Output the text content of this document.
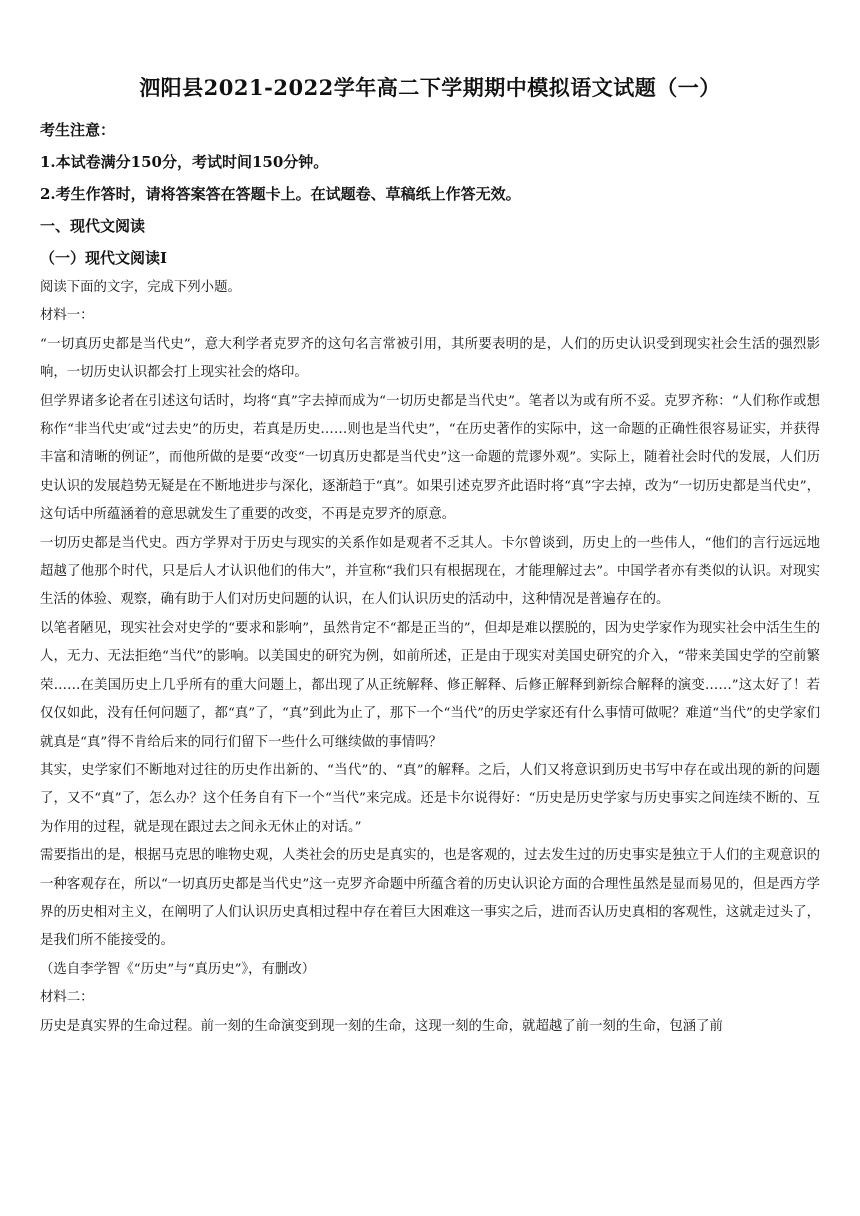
泗阳县2021-2022学年高二下学期期中模拟语文试题（一）
考生注意：
1.本试卷满分150分，考试时间150分钟。
2.考生作答时，请将答案答在答题卡上。在试题卷、草稿纸上作答无效。
一、现代文阅读
（一）现代文阅读Ⅰ

阅读下面的文字，完成下列小题。

材料一：

“一切真历史都是当代史”，意大利学者克罗齐的这句名言常被引用，其所要表明的是，人们的历史认识受到现实社会生活的强烈影响，一切历史认识都会打上现实社会的烙印。

但学界诸多论者在引述这句话时，均将“真”字去掉而成为“一切历史都是当代史”。笔者以为或有所不妥。克罗齐称：“人们称作或想称作“非当代史′或“过去史”的历史，若真是历史……则也是当代史”，“在历史著作的实际中，这一命题的正确性很容易证实，并获得丰富和清晰的例证”，而他所做的是要“改变“一切真历史都是当代史”这一命题的荒谬外观”。实际上，随着社会时代的发展，人们历史认识的发展趋势无疑是在不断地进步与深化，逐渐趋于“真”。如果引述克罗齐此语时将“真”字去掉，改为“一切历史都是当代史”，这句话中所蕴涵着的意思就发生了重要的改变，不再是克罗齐的原意。

一切历史都是当代史。西方学界对于历史与现实的关系作如是观者不乏其人。卡尔曾谈到，历史上的一些伟人，“他们的言行远远地超越了他那个时代，只是后人才认识他们的伟大”，并宣称“我们只有根据现在，才能理解过去”。中国学者亦有类似的认识。对现实生活的体验、观察，确有助于人们对历史问题的认识，在人们认识历史的活动中，这种情况是普遍存在的。

以笔者陋见，现实社会对史学的“要求和影响”，虽然肯定不“都是正当的”，但却是难以摆脱的，因为史学家作为现实社会中活生生的人，无力、无法拒绝“当代”的影响。以美国史的研究为例，如前所述，正是由于现实对美国史研究的介入，“带来美国史学的空前繁荣……在美国历史上几乎所有的重大问题上，都出现了从正统解释、修正解释、后修正解释到新综合解释的演变……”这太好了！若仅仅如此，没有任何问题了，都“真”了，“真”到此为止了，那下一个“当代”的历史学家还有什么事情可做呢？难道“当代”的史学家们就真是“真”得不肯给后来的同行们留下一些什么可继续做的事情吗？

其实，史学家们不断地对过往的历史作出新的、“当代”的、“真”的解释。之后，人们又将意识到历史书写中存在或出现的新的问题了，又不“真”了，怎么办？这个任务自有下一个“当代”来完成。还是卡尔说得好：“历史是历史学家与历史事实之间连续不断的、互为作用的过程，就是现在跟过去之间永无休止的对话。”

需要指出的是，根据马克思的唯物史观，人类社会的历史是真实的，也是客观的，过去发生过的历史事实是独立于人们的主观意识的一种客观存在，所以“一切真历史都是当代史”这一克罗齐命题中所蕴含着的历史认识论方面的合理性虽然是显而易见的，但是西方学界的历史相对主义，在阐明了人们认识历史真相过程中存在着巨大困难这一事实之后，进而否认历史真相的客观性，这就走过头了，是我们所不能接受的。

（选自李学智《“历史”与“真历史”》，有删改）

材料二：

历史是真实界的生命过程。前一刻的生命演变到现一刻的生命，这现一刻的生命，就超越了前一刻的生命，包涵了前
